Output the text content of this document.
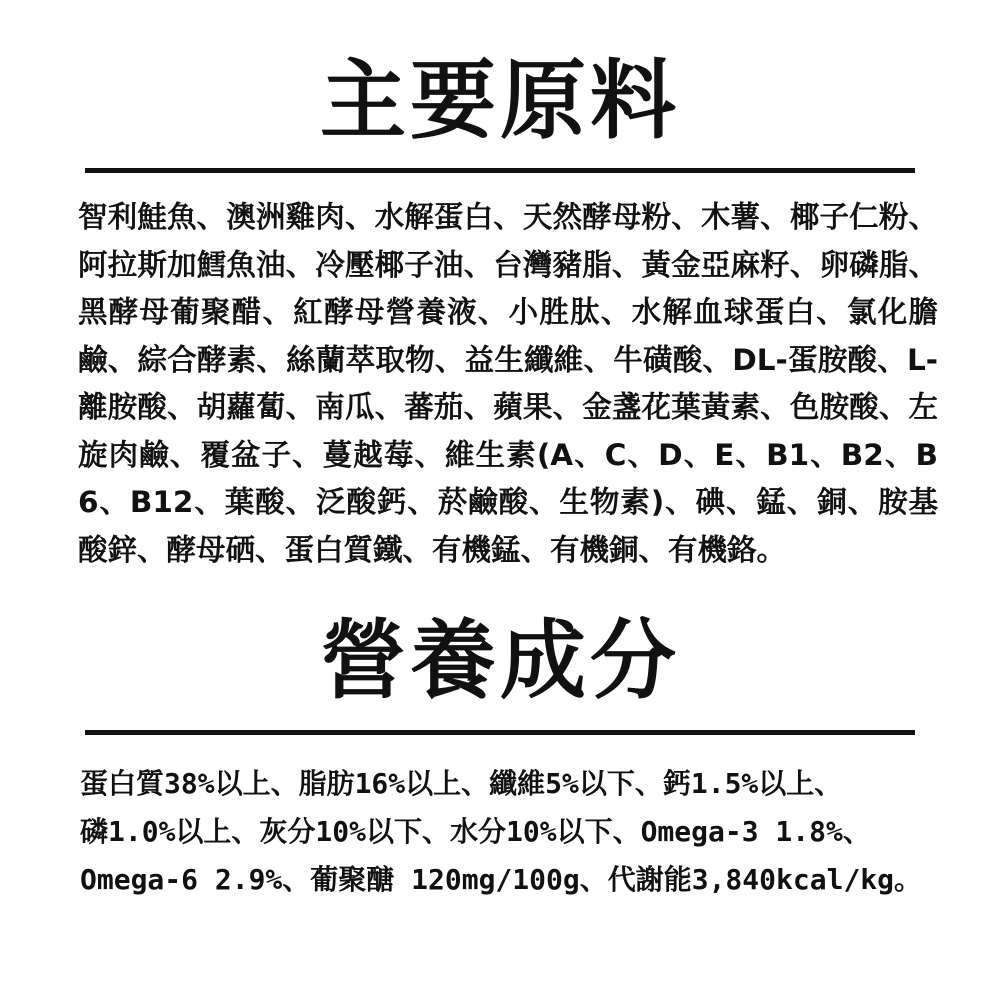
主要原料
智利鮭魚、澳洲雞肉、水解蛋白、天然酵母粉、木薯、椰子仁粉、阿拉斯加鱈魚油、冷壓椰子油、台灣豬脂、黃金亞麻籽、卵磷脂、黑酵母葡聚醋、紅酵母營養液、小胜肽、水解血球蛋白、氯化膽鹼、綜合酵素、絲蘭萃取物、益生纖維、牛磺酸、DL-蛋胺酸、L-離胺酸、胡蘿蔔、南瓜、蕃茄、蘋果、金盞花葉黃素、色胺酸、左旋肉鹼、覆盆子、蔓越莓、維生素(A、C、D、E、B1、B2、B6、B12、葉酸、泛酸鈣、菸鹼酸、生物素)、碘、錳、銅、胺基酸鋅、酵母硒、蛋白質鐵、有機錳、有機銅、有機鉻。
營養成分
蛋白質38%以上、脂肪16%以上、纖維5%以下、鈣1.5%以上、
磷1.0%以上、灰分10%以下、水分10%以下、Omega-3 1.8%、
Omega-6 2.9%、葡聚醣 120mg/100g、代謝能3,840kcal/kg。
